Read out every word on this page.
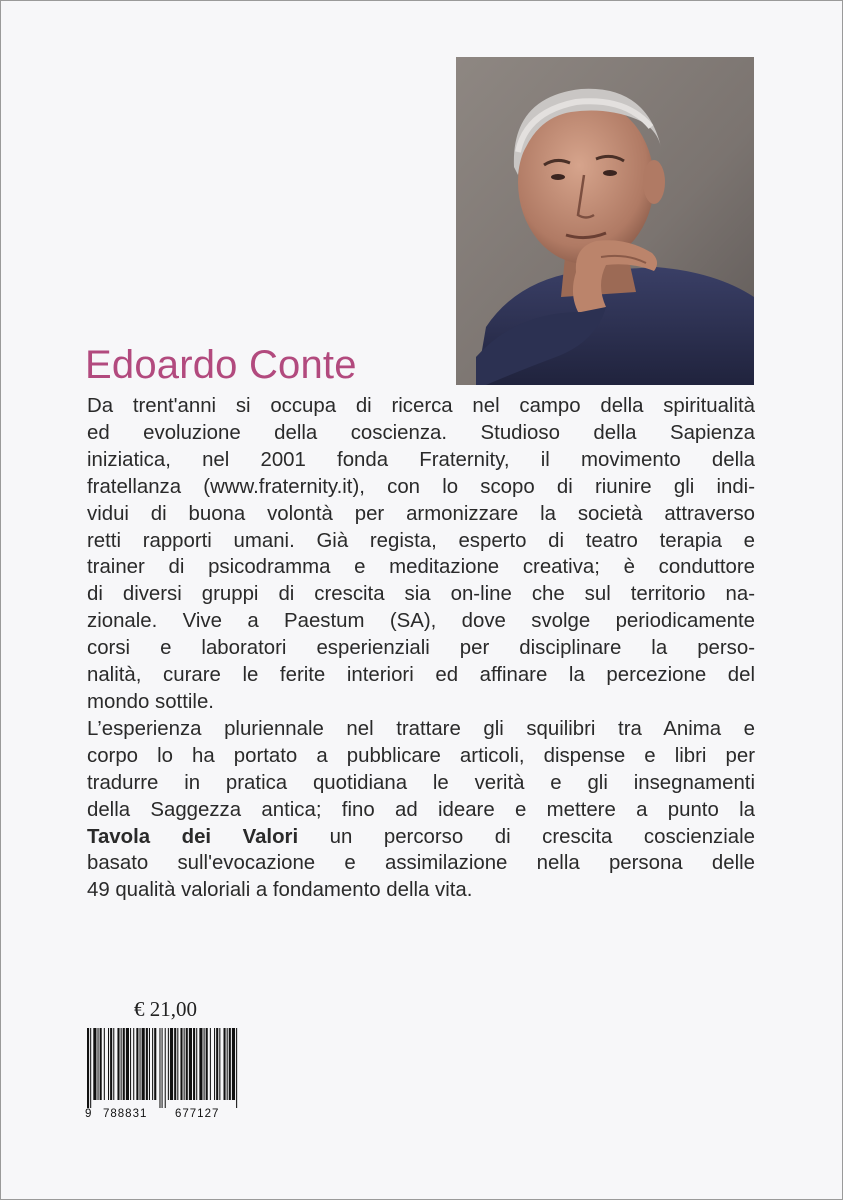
Edoardo Conte
Da trent'anni si occupa di ricerca nel campo della spiritualità
ed evoluzione della coscienza. Studioso della Sapienza
iniziatica, nel 2001 fonda Fraternity, il movimento della
fratellanza (www.fraternity.it), con lo scopo di riunire gli indi-
vidui di buona volontà per armonizzare la società attraverso
retti rapporti umani. Già regista, esperto di teatro terapia e
trainer di psicodramma e meditazione creativa; è conduttore
di diversi gruppi di crescita sia on-line che sul territorio na-
zionale. Vive a Paestum (SA), dove svolge periodicamente
corsi e laboratori esperienziali per disciplinare la perso-
nalità, curare le ferite interiori ed affinare la percezione del
mondo sottile.
L’esperienza pluriennale nel trattare gli squilibri tra Anima e
corpo lo ha portato a pubblicare articoli, dispense e libri per
tradurre in pratica quotidiana le verità e gli insegnamenti
della Saggezza antica; fino ad ideare e mettere a punto la
Tavola dei Valori un percorso di crescita coscienziale
basato sull'evocazione e assimilazione nella persona delle
49 qualità valoriali a fondamento della vita.
€ 21,00
9 788831 677127
